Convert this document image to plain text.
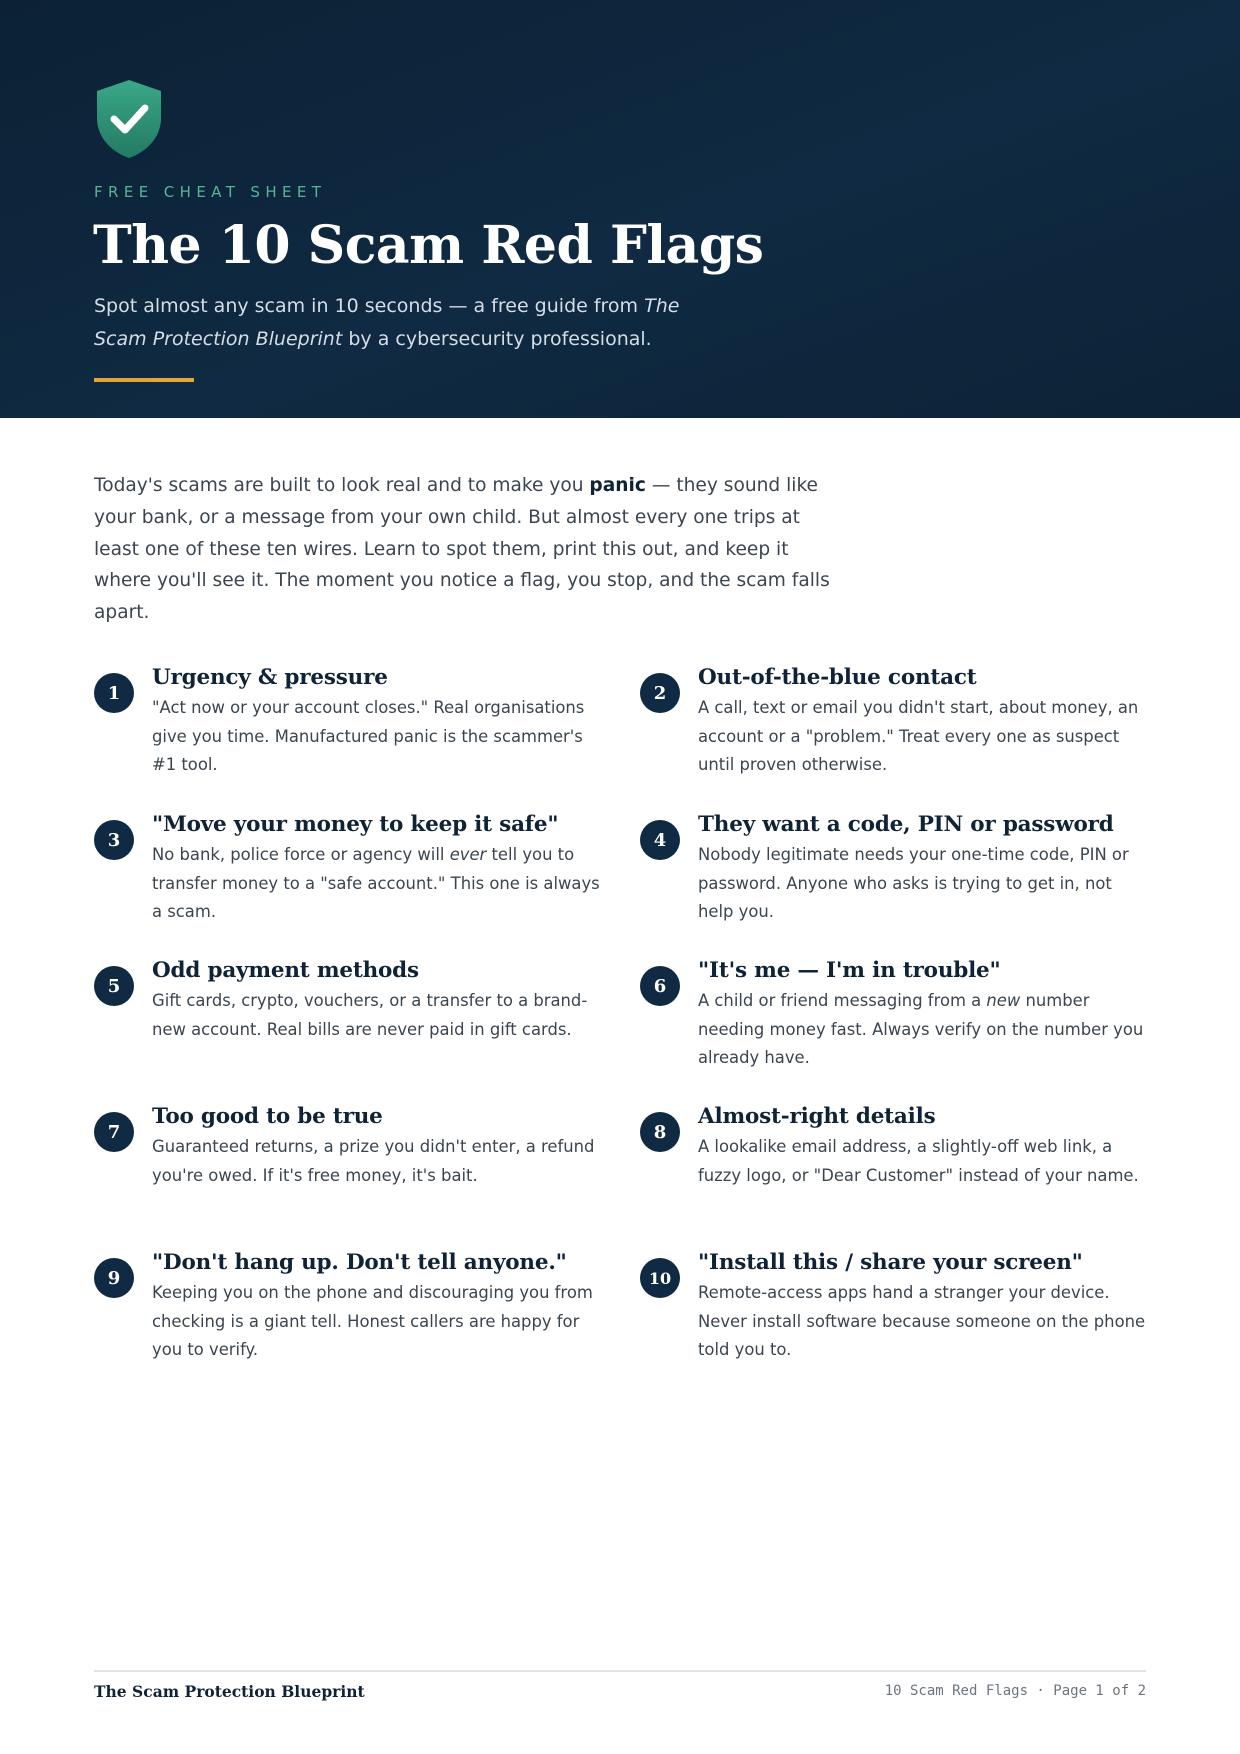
FREE CHEAT SHEET
The 10 Scam Red Flags

Spot almost any scam in 10 seconds — a free guide from The Scam Protection Blueprint by a cybersecurity professional.

Today's scams are built to look real and to make you panic — they sound like your bank, or a message from your own child. But almost every one trips at least one of these ten wires. Learn to spot them, print this out, and keep it where you'll see it. The moment you notice a flag, you stop, and the scam falls apart.

1
Urgency & pressure
"Act now or your account closes." Real organisations give you time. Manufactured panic is the scammer's #1 tool.
3
"Move your money to keep it safe"
No bank, police force or agency will ever tell you to transfer money to a "safe account." This one is always a scam.
5
Odd payment methods
Gift cards, crypto, vouchers, or a transfer to a brand-new account. Real bills are never paid in gift cards.
7
Too good to be true
Guaranteed returns, a prize you didn't enter, a refund you're owed. If it's free money, it's bait.
9
"Don't hang up. Don't tell anyone."
Keeping you on the phone and discouraging you from checking is a giant tell. Honest callers are happy for you to verify.
2
Out-of-the-blue contact
A call, text or email you didn't start, about money, an account or a "problem." Treat every one as suspect until proven otherwise.
4
They want a code, PIN or password
Nobody legitimate needs your one-time code, PIN or password. Anyone who asks is trying to get in, not help you.
6
"It's me — I'm in trouble"
A child or friend messaging from a new number needing money fast. Always verify on the number you already have.
8
Almost-right details
A lookalike email address, a slightly-off web link, a fuzzy logo, or "Dear Customer" instead of your name.
10
"Install this / share your screen"
Remote-access apps hand a stranger your device. Never install software because someone on the phone told you to.
The Scam Protection Blueprint	10 Scam Red Flags · Page 1 of 2
